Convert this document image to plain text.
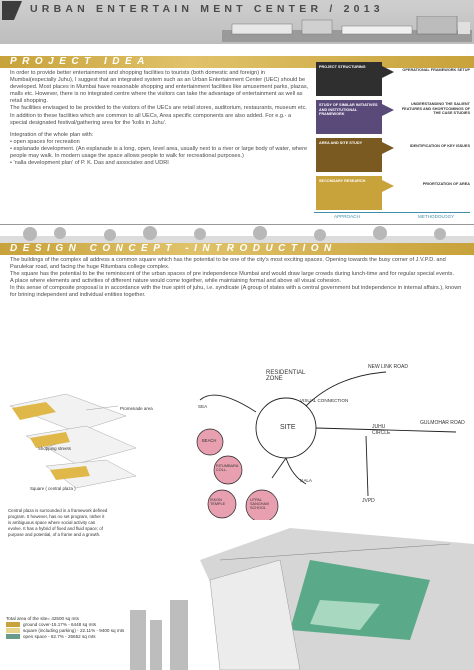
URBAN ENTERTAIN MENT CENTER / 2013
PROJECT IDEA

In order to provide better entertainment and shopping facilities to tourists (both domestic and foreign) in Mumbai(especially Juhu), I suggest that an integrated system such as an Urban Entertainment Center (UEC) should be developed. Most places in Mumbai have reasonable shopping and entertainment facilities like amusement parks, plazas, malls etc. However, there is no integrated centre where the visitors can take the advantage of entertainment as well as retail shopping.

The facilities envisaged to be provided to the visitors of the UECs are retail stores, auditorium, restaurants, museum etc. In addition to these facilities which are common to all UECs, Area specific components are also added. For e.g.- a special designated festival/gathering area for the 'kolis in Juhu'.

Integration of the whole plan with:

• open spaces for recreation
• esplanade development. (An esplanade is a long, open, level area, usually next to a river or large body of water, where people may walk. In modern usage the space allows people to walk for recreational purposes.)
• 'nalla development plan' of P. K. Das and associates and UDRI
PROJECT STRUCTURING
STUDY OF SIMILAR INITIATIVES AND INSTITUTIONAL FRAMEWORK
AREA AND SITE STUDY
SECONDARY RESEARCH
OPERATIONAL FRAMEWORK SETUP
UNDERSTANDING THE SALIENT FEATURES AND SHORTCOMINGS OF THE CASE STUDIES
IDENTIFICATION OF KEY ISSUES
PRIORTIZATION OF AREA
APPROACH	METHODOLOGY
DESIGN CONCEPT -INTRODUCTION

The buildings of the complex all address a common square which has the potential to be one of the city's most exciting spaces. Opening towards the busy corner of J.V.P.D. and Parulekar road, and facing the huge Ritumbara college complex.

The square has the potential to be the reminiscent of the urban spaces of pre independence Mumbai and would draw large crowds during lunch-time and for regular special events.

A place where elements and activities of different nature would come together, while maintaining formal and above all visual cohesion.

In this sense of composite proposal is in accordance with the true spirit of juhu, i.e. syndicate (A group of states with a central government but independence in internal affairs.), known for brining independent and individual entities together.

Promenade area
Shopping streets
Square ( central plaza )
Central plaza is surrounded in a framework defined program. It however, has no set program, rather it is ambiguous space where social activity can evolve. It has a hybrid of fixed and fluid space; of purpose and potential, of a frame and a growth.
RESIDENTIAL ZONE
NEW LINK ROAD
VISUAL CONNECTION
SEA
BEACH
RITUMBARA COLL.
SITE	JUHU CIRCLE
GULMOHAR ROAD
NALA
ISKON TEMPLE
UTPAL SANGHAVI SCHOOL
JVPD
Total area of the site= 42500 sq mts
ground cover-15.17% - 6448 sq mts
square (including parking) - 22.11% - 9400 sq mts
open space - 62.7% - 26652 sq mts
